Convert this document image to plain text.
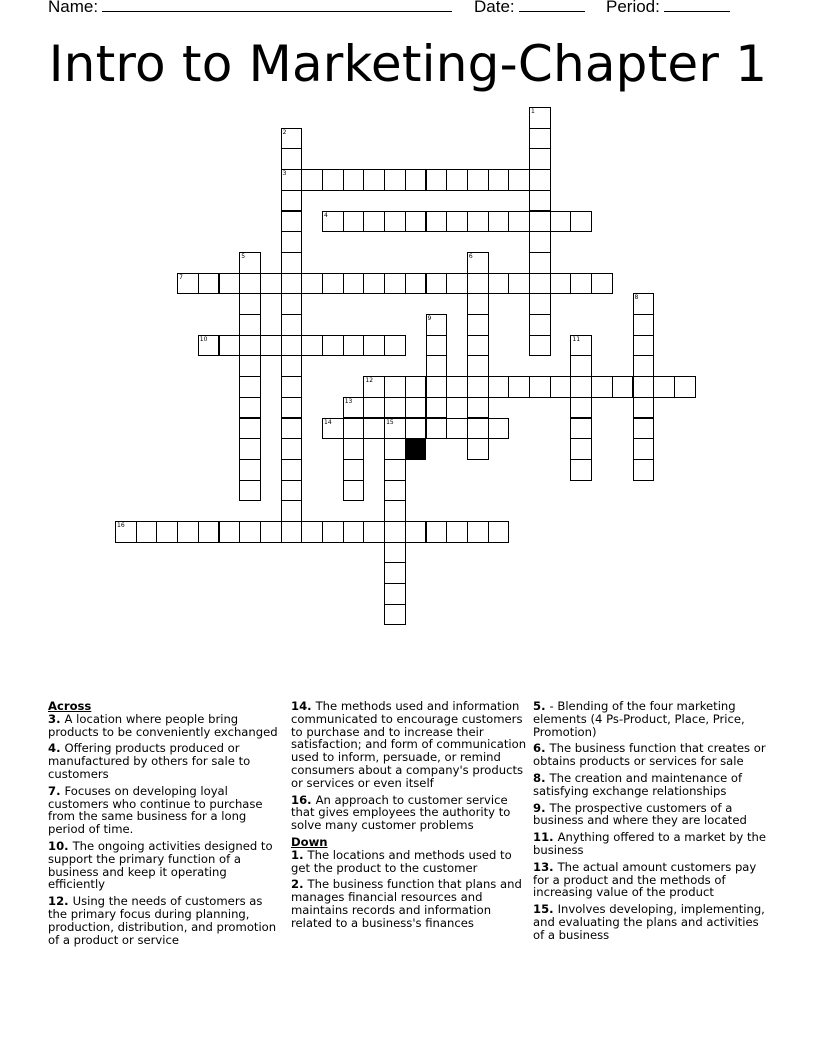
Name:	Date:	Period:
Intro to Marketing-Chapter 1
1
2
3
4
5	6
7
8
9
10	11
12
13
14	15
16
Across
3. A location where people bring products to be conveniently exchanged
4. Offering products produced or manufactured by others for sale to customers
7. Focuses on developing loyal customers who continue to purchase from the same business for a long period of time.
10. The ongoing activities designed to support the primary function of a business and keep it operating efficiently
12. Using the needs of customers as the primary focus during planning, production, distribution, and promotion of a product or service
14. The methods used and information communicated to encourage customers to purchase and to increase their satisfaction; and form of communication used to inform, persuade, or remind consumers about a company's products or services or even itself
16. An approach to customer service that gives employees the authority to solve many customer problems
Down
1. The locations and methods used to get the product to the customer
2. The business function that plans and manages financial resources and maintains records and information related to a business's finances
5. - Blending of the four marketing elements (4 Ps-Product, Place, Price, Promotion)
6. The business function that creates or obtains products or services for sale
8. The creation and maintenance of satisfying exchange relationships
9. The prospective customers of a business and where they are located
11. Anything offered to a market by the business
13. The actual amount customers pay for a product and the methods of increasing value of the product
15. Involves developing, implementing, and evaluating the plans and activities of a business
